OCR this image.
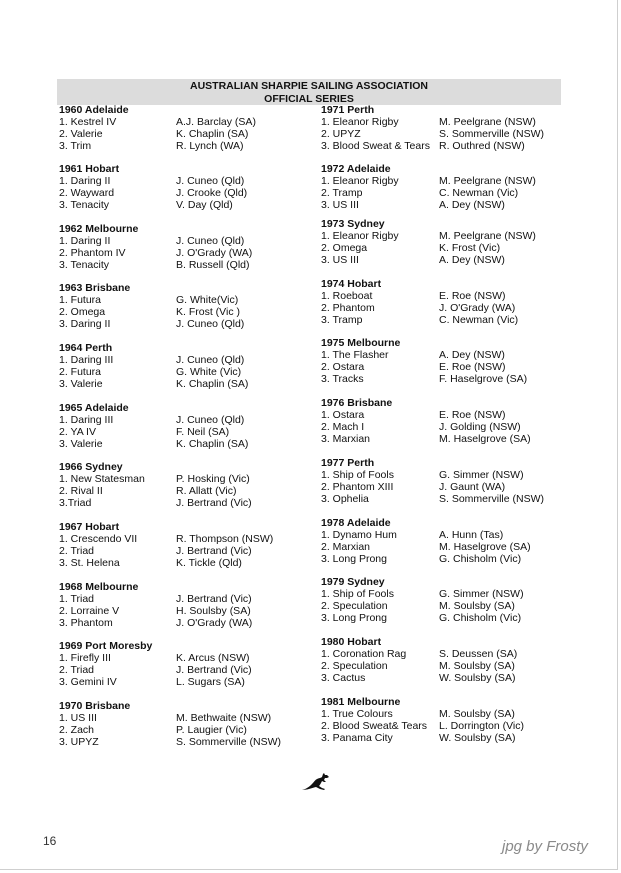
AUSTRALIAN SHARPIE SAILING ASSOCIATION
OFFICIAL SERIES
1960 Adelaide
1. Kestrel IV	A.J. Barclay (SA)
2. Valerie	K. Chaplin (SA)
3. Trim	R. Lynch (WA)
1961 Hobart
1. Daring II	J. Cuneo (Qld)
2. Wayward	J. Crooke (Qld)
3. Tenacity	V. Day (Qld)
1962 Melbourne
1. Daring II	J. Cuneo (Qld)
2. Phantom IV	J. O'Grady (WA)
3. Tenacity	B. Russell (Qld)
1963 Brisbane
1. Futura	G. White(Vic)
2. Omega	K. Frost (Vic )
3. Daring II	J. Cuneo (Qld)
1964 Perth
1. Daring III	J. Cuneo (Qld)
2. Futura	G. White (Vic)
3. Valerie	K. Chaplin (SA)
1965 Adelaide
1. Daring III	J. Cuneo (Qld)
2. YA IV	F. Neil (SA)
3. Valerie	K. Chaplin (SA)
1966 Sydney
1. New Statesman	P. Hosking (Vic)
2. Rival II	R. Allatt (Vic)
3.Triad	J. Bertrand (Vic)
1967 Hobart
1. Crescendo VII	R. Thompson (NSW)
2. Triad	J. Bertrand (Vic)
3. St. Helena	K. Tickle (Qld)
1968 Melbourne
1. Triad	J. Bertrand (Vic)
2. Lorraine V	H. Soulsby (SA)
3. Phantom	J. O'Grady (WA)
1969 Port Moresby
1. Firefly III	K. Arcus (NSW)
2. Triad	J. Bertrand (Vic)
3. Gemini IV	L. Sugars (SA)
1970 Brisbane
1. US III	M. Bethwaite (NSW)
2. Zach	P. Laugier (Vic)
3. UPYZ	S. Sommerville (NSW)
1971 Perth
1. Eleanor Rigby	M. Peelgrane (NSW)
2. UPYZ	S. Sommerville (NSW)
3. Blood Sweat & Tears R. Outhred (NSW)
1972 Adelaide
1. Eleanor Rigby	M. Peelgrane (NSW)
2. Tramp	C. Newman (Vic)
3. US III	A. Dey (NSW)
1973 Sydney
1. Eleanor Rigby	M. Peelgrane (NSW)
2. Omega	K. Frost (Vic)
3. US III	A. Dey (NSW)
1974 Hobart
1. Roeboat	E. Roe (NSW)
2. Phantom	J. O'Grady (WA)
3. Tramp	C. Newman (Vic)
1975 Melbourne
1. The Flasher	A. Dey (NSW)
2. Ostara	E. Roe (NSW)
3. Tracks	F. Haselgrove (SA)
1976 Brisbane
1. Ostara	E. Roe (NSW)
2. Mach I	J. Golding (NSW)
3. Marxian	M. Haselgrove (SA)
1977 Perth
1. Ship of Fools	G. Simmer (NSW)
2. Phantom XIII	J. Gaunt (WA)
3. Ophelia	S. Sommerville (NSW)
1978 Adelaide
1. Dynamo Hum	A. Hunn (Tas)
2. Marxian	M. Haselgrove (SA)
3. Long Prong	G. Chisholm (Vic)
1979 Sydney
1. Ship of Fools	G. Simmer (NSW)
2. Speculation	M. Soulsby (SA)
3. Long Prong	G. Chisholm (Vic)
1980 Hobart
1. Coronation Rag	S. Deussen (SA)
2. Speculation	M. Soulsby (SA)
3. Cactus	W. Soulsby (SA)
1981 Melbourne
1. True Colours	M. Soulsby (SA)
2. Blood Sweat& Tears L. Dorrington (Vic)
3. Panama City	W. Soulsby (SA)
16	jpg by Frosty
